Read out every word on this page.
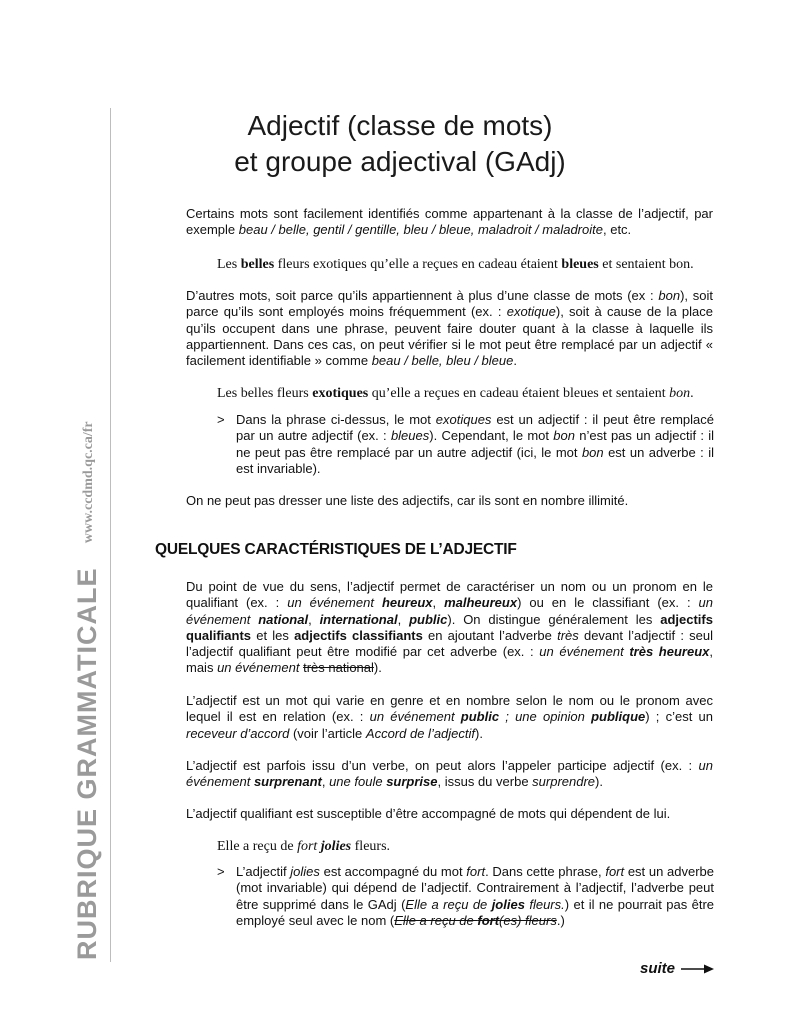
RUBRIQUE GRAMMATICALE www.ccdmd.qc.ca/fr
Adjectif (classe de mots)
et groupe adjectival (GAdj)

Certains mots sont facilement identifiés comme appartenant à la classe de l’adjectif, par exemple beau / belle, gentil / gentille, bleu / bleue, maladroit / maladroite, etc.

Les belles fleurs exotiques qu’elle a reçues en cadeau étaient bleues et sentaient bon.

D’autres mots, soit parce qu’ils appartiennent à plus d’une classe de mots (ex : bon), soit parce qu’ils sont employés moins fréquemment (ex. : exotique), soit à cause de la place qu’ils occupent dans une phrase, peuvent faire douter quant à la classe à laquelle ils appartiennent. Dans ces cas, on peut vérifier si le mot peut être remplacé par un adjectif « facilement identifiable » comme beau / belle, bleu / bleue.

Les belles fleurs exotiques qu’elle a reçues en cadeau étaient bleues et sentaient bon.

> Dans la phrase ci-dessus, le mot exotiques est un adjectif : il peut être remplacé par un autre adjectif (ex. : bleues). Cependant, le mot bon n’est pas un adjectif : il ne peut pas être remplacé par un autre adjectif (ici, le mot bon est un adverbe : il est invariable).

On ne peut pas dresser une liste des adjectifs, car ils sont en nombre illimité.

QUELQUES CARACTÉRISTIQUES DE L’ADJECTIF

Du point de vue du sens, l’adjectif permet de caractériser un nom ou un pronom en le qualifiant (ex. : un événement heureux, malheureux) ou en le classifiant (ex. : un événement national, international, public). On distingue généralement les adjectifs qualifiants et les adjectifs classifiants en ajoutant l’adverbe très devant l’adjectif : seul l’adjectif qualifiant peut être modifié par cet adverbe (ex. : un événement très heureux, mais un événement très national).

L’adjectif est un mot qui varie en genre et en nombre selon le nom ou le pronom avec lequel il est en relation (ex. : un événement public ; une opinion publique) ; c’est un receveur d’accord (voir l’article Accord de l’adjectif).

L’adjectif est parfois issu d’un verbe, on peut alors l’appeler participe adjectif (ex. : un événement surprenant, une foule surprise, issus du verbe surprendre).

L’adjectif qualifiant est susceptible d’être accompagné de mots qui dépendent de lui.

Elle a reçu de fort jolies fleurs.

> L’adjectif jolies est accompagné du mot fort. Dans cette phrase, fort est un adverbe (mot invariable) qui dépend de l’adjectif. Contrairement à l’adjectif, l’adverbe peut être supprimé dans le GAdj (Elle a reçu de jolies fleurs.) et il ne pourrait pas être employé seul avec le nom (Elle a reçu de fort(es) fleurs.)
suite
